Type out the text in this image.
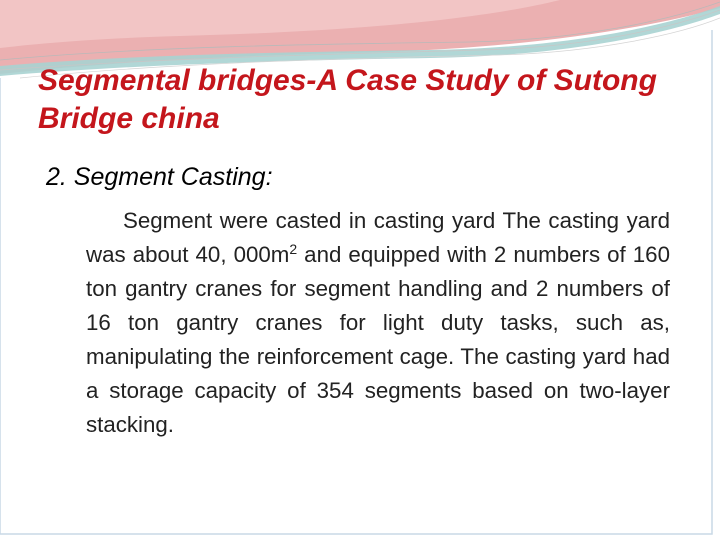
Segmental bridges-A Case Study of Sutong Bridge china
2. Segment Casting:

Segment were casted in casting yard The casting yard was about 40, $000m^2$ and equipped with 2 numbers of 160 ton gantry cranes for segment handling and 2 numbers of 16 ton gantry cranes for light duty tasks, such as, manipulating the reinforcement cage. The casting yard had a storage capacity of 354 segments based on two-layer stacking.
